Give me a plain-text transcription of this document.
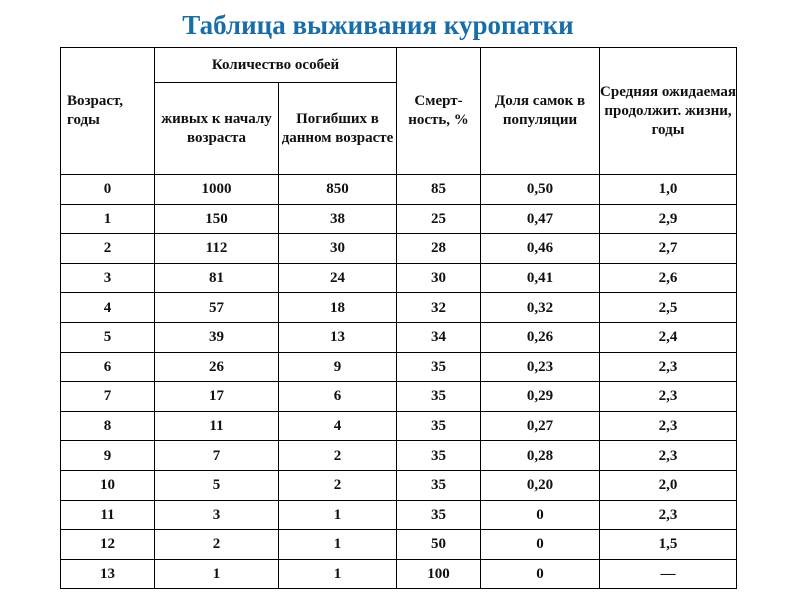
Таблица выживания куропатки
Возраст, годы	Количество особей		Смерт-ность, %	Доля самок в популяции	Средняя ожидаемая продолжит. жизни, годы
	живых к началу возраста	Погибших в данном возрасте			
0	1000	850	85	0,50	1,0
1	150	38	25	0,47	2,9
2	112	30	28	0,46	2,7
3	81	24	30	0,41	2,6
4	57	18	32	0,32	2,5
5	39	13	34	0,26	2,4
6	26	9	35	0,23	2,3
7	17	6	35	0,29	2,3
8	11	4	35	0,27	2,3
9	7	2	35	0,28	2,3
10	5	2	35	0,20	2,0
11	3	1	35	0	2,3
12	2	1	50	0	1,5
13	1	1	100	0	—
